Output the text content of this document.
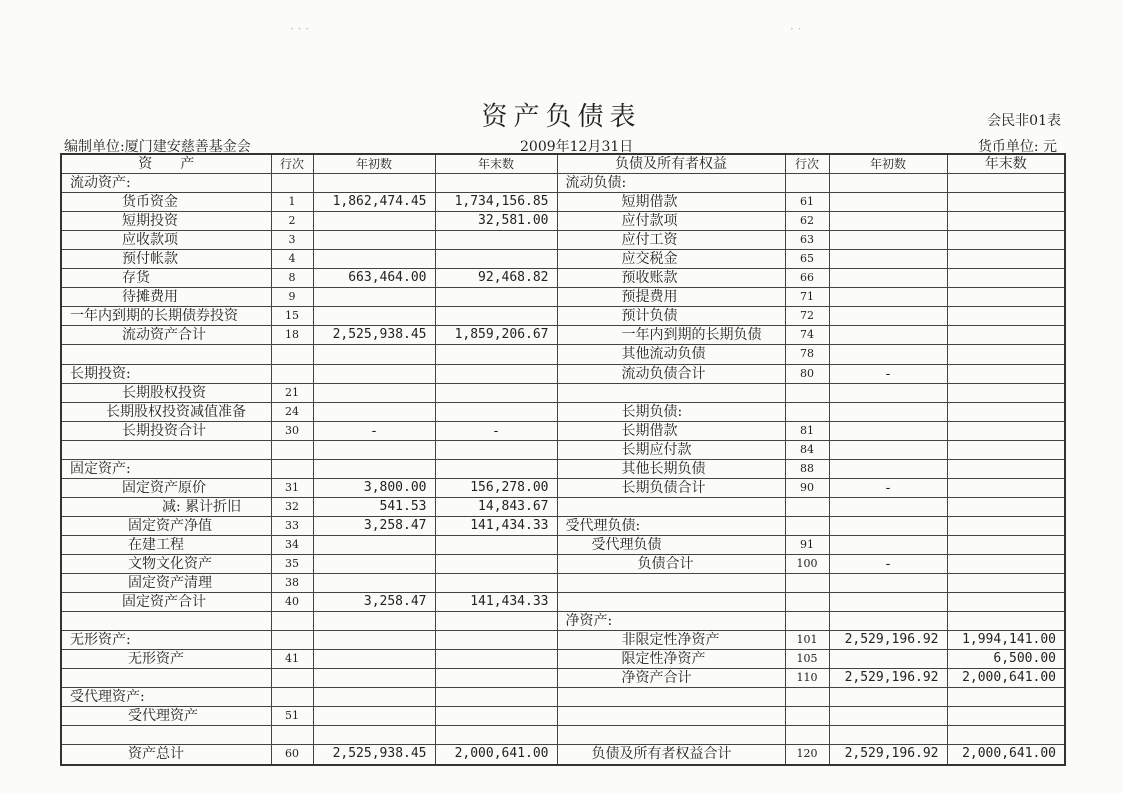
资产负债表	会民非01表
编制单位:厦门建安慈善基金会	2009年12月31日	货币单位: 元
资　　产	行次	年初数	年末数	负债及所有者权益	行次	年初数	年末数
流动资产:				流动负债:			
货币资金	1	1,862,474.45	1,734,156.85	短期借款	61		
短期投资	2		32,581.00	应付款项	62		
应收款项	3			应付工资	63		
预付帐款	4			应交税金	65		
存货	8	663,464.00	92,468.82	预收账款	66		
待摊费用	9			预提费用	71		
一年内到期的长期债券投资	15			预计负债	72		
流动资产合计	18	2,525,938.45	1,859,206.67	一年内到期的长期负债	74		
				其他流动负债	78		
长期投资:				流动负债合计	80	-	
长期股权投资	21						
长期股权投资减值准备	24			长期负债:			
长期投资合计	30	-	-	长期借款	81		
				长期应付款	84		
固定资产:				其他长期负债	88		
固定资产原价	31	3,800.00	156,278.00	长期负债合计	90	-	
减: 累计折旧	32	541.53	14,843.67				
固定资产净值	33	3,258.47	141,434.33	受代理负债:			
在建工程	34			受代理负债	91		
文物文化资产	35			负债合计	100	-	
固定资产清理	38						
固定资产合计	40	3,258.47	141,434.33				
				净资产:			
无形资产:				非限定性净资产	101	2,529,196.92	1,994,141.00
无形资产	41			限定性净资产	105		6,500.00
				净资产合计	110	2,529,196.92	2,000,641.00
受代理资产:							
受代理资产	51						

资产总计	60	2,525,938.45	2,000,641.00	负债及所有者权益合计	120	2,529,196.92	2,000,641.00
· · ·	· ·
